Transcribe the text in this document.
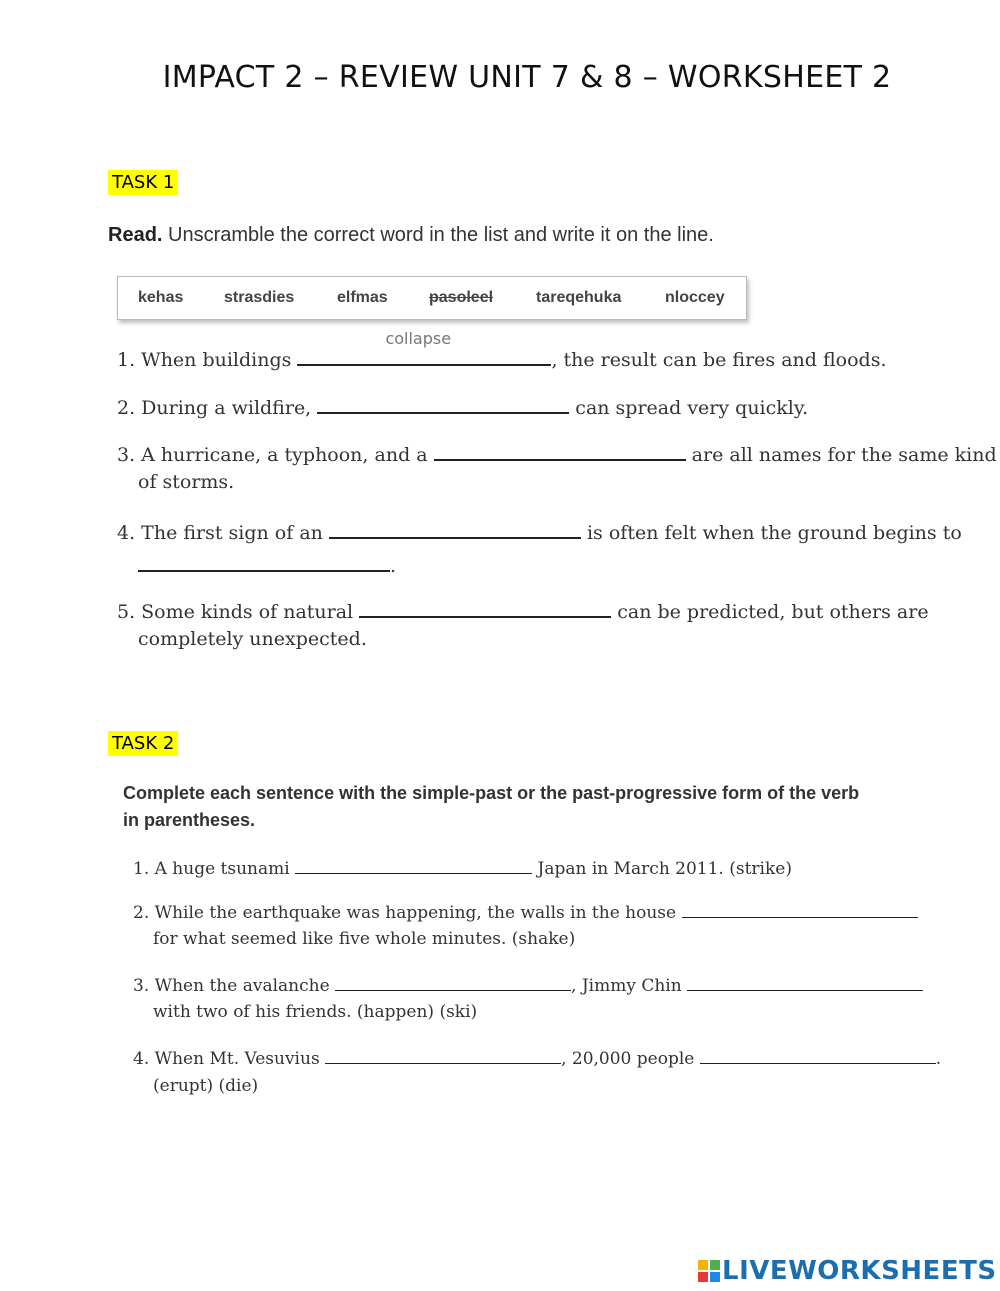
IMPACT 2 – REVIEW UNIT 7 & 8 – WORKSHEET 2
TASK 1
Read. Unscramble the correct word in the list and write it on the line.
kehas	strasdies	elfmas	pasoleel	tareqehuka	nloccey
1. When buildings
collapse
, the result can be fires and floods.
2. During a wildfire,	can spread very quickly.
3. A hurricane, a typhoon, and a	are all names for the same kind
of storms.
4. The first sign of an	is often felt when the ground begins to
.
5. Some kinds of natural	can be predicted, but others are
completely unexpected.
TASK 2
Complete each sentence with the simple-past or the past-progressive form of the verb
in parentheses.
1. A huge tsunami	Japan in March 2011. (strike)
2. While the earthquake was happening, the walls in the house
for what seemed like five whole minutes. (shake)
3. When the avalanche	, Jimmy Chin
with two of his friends. (happen) (ski)
4. When Mt. Vesuvius	, 20,000 people	.
(erupt) (die)
LIVEWORKSHEETS
